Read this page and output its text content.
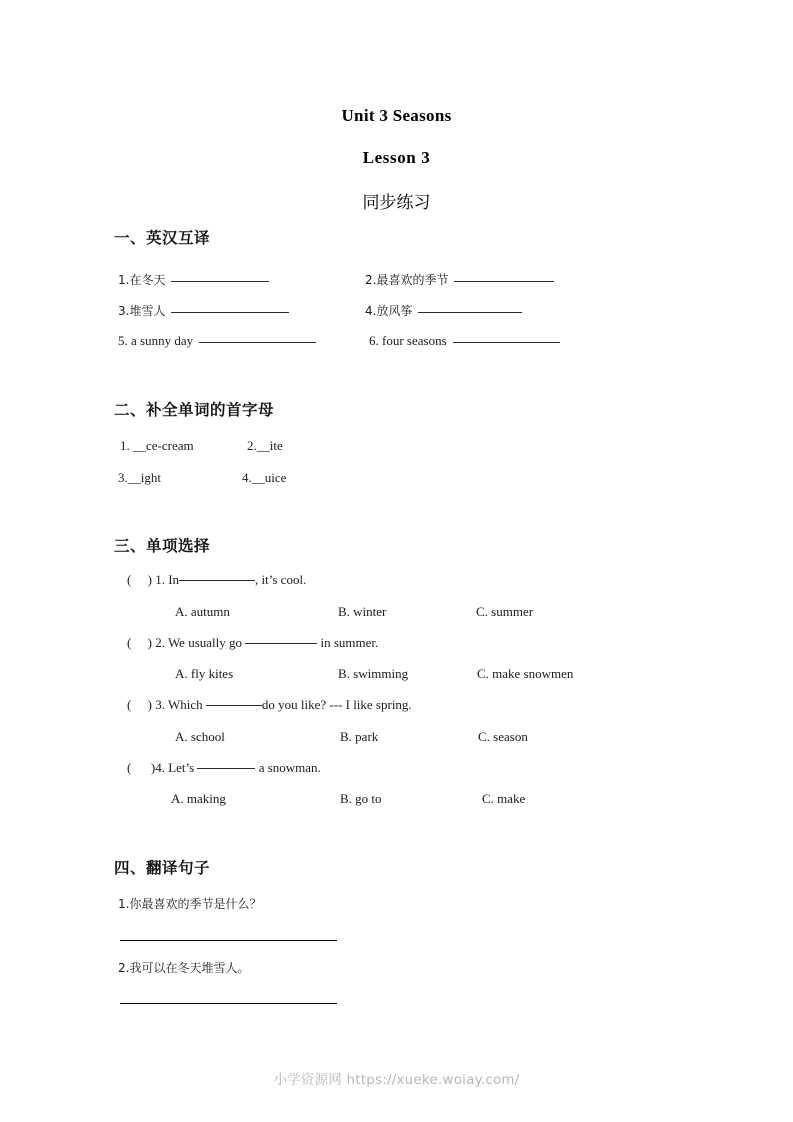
Unit 3 Seasons
Lesson 3
同步练习
一、英汉互译
1.在冬天	2.最喜欢的季节
3.堆雪人	4.放风筝
5. a sunny day	6. four seasons
二、补全单词的首字母
1. __ce-cream	2.__ite
3.__ight	4.__uice
三、单项选择
( ) 1. In	, it’s cool.
A. autumn	B. winter	C. summer
( ) 2. We usually go	in summer.
A. fly kites	B. swimming	C. make snowmen
( ) 3. Which	do you like? --- I like spring.
A. school	B. park	C. season
( )4. Let’s	a snowman.
A. making	B. go to	C. make
四、翻译句子
1.你最喜欢的季节是什么？
2.我可以在冬天堆雪人。
小学资源网 https://xueke.woiay.com/
